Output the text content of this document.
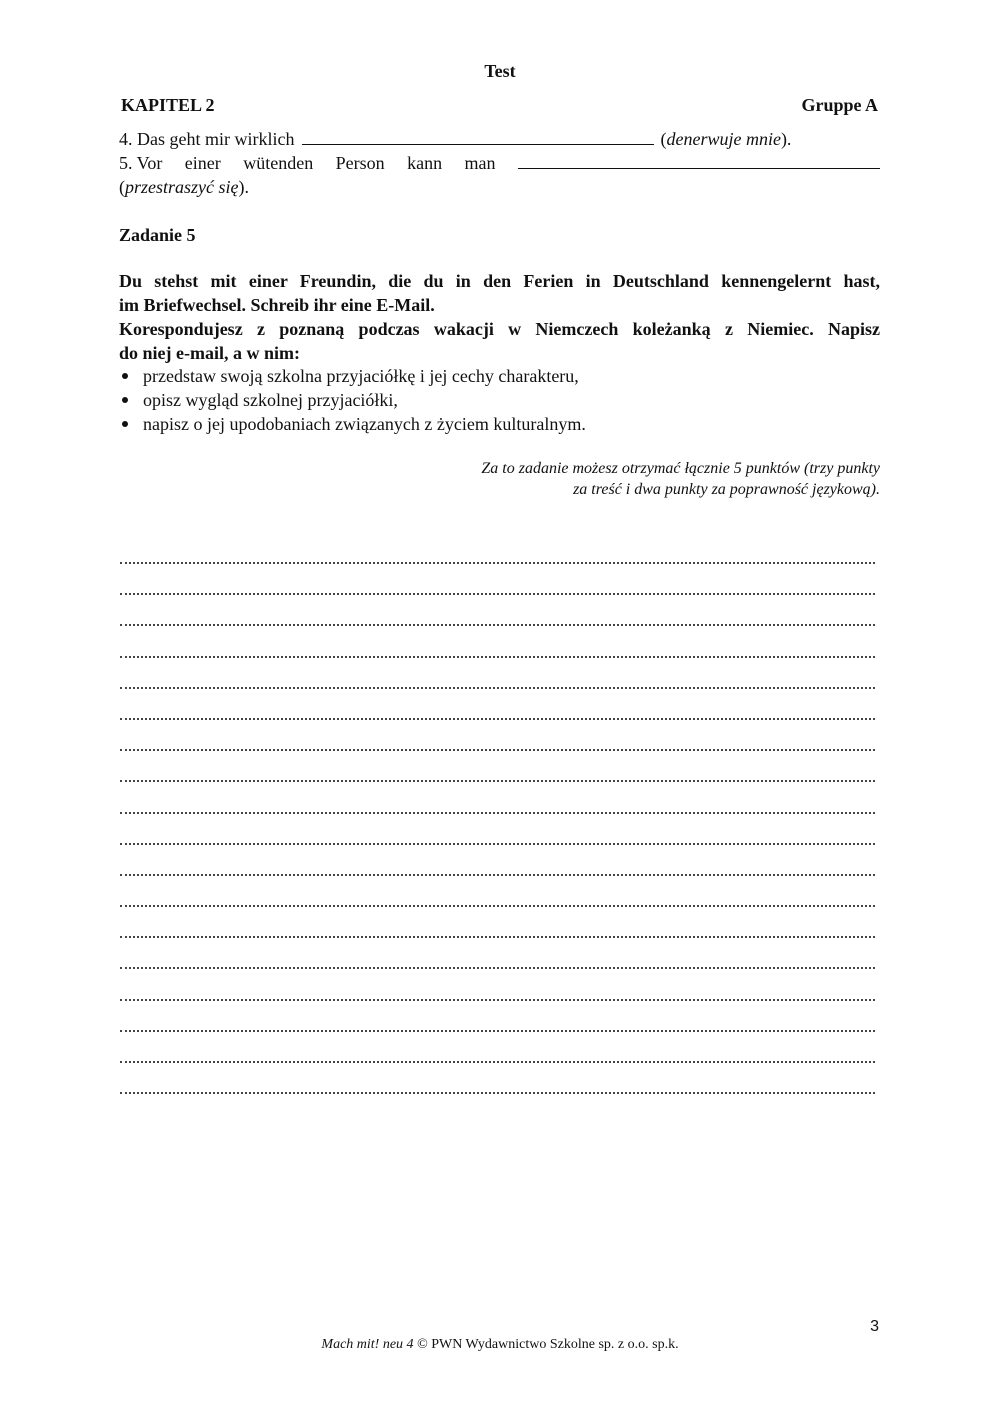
Test
KAPITEL 2	Gruppe A
4. Das geht mir wirklich	(denerwuje mnie).
5. Vor einer wütenden Person kann man
(przestraszyć się).
Zadanie 5

Du stehst mit einer Freundin, die du in den Ferien in Deutschland kennengelernt hast,

im Briefwechsel. Schreib ihr eine E-Mail.

Korespondujesz z poznaną podczas wakacji w Niemczech koleżanką z Niemiec. Napisz

do niej e-mail, a w nim:

przedstaw swoją szkolna przyjaciółkę i jej cechy charakteru,
opisz wygląd szkolnej przyjaciółki,
napisz o jej upodobaniach związanych z życiem kulturalnym.
Za to zadanie możesz otrzymać łącznie 5 punktów (trzy punkty
za treść i dwa punkty za poprawność językową).
3
Mach mit! neu 4 © PWN Wydawnictwo Szkolne sp. z o.o. sp.k.
